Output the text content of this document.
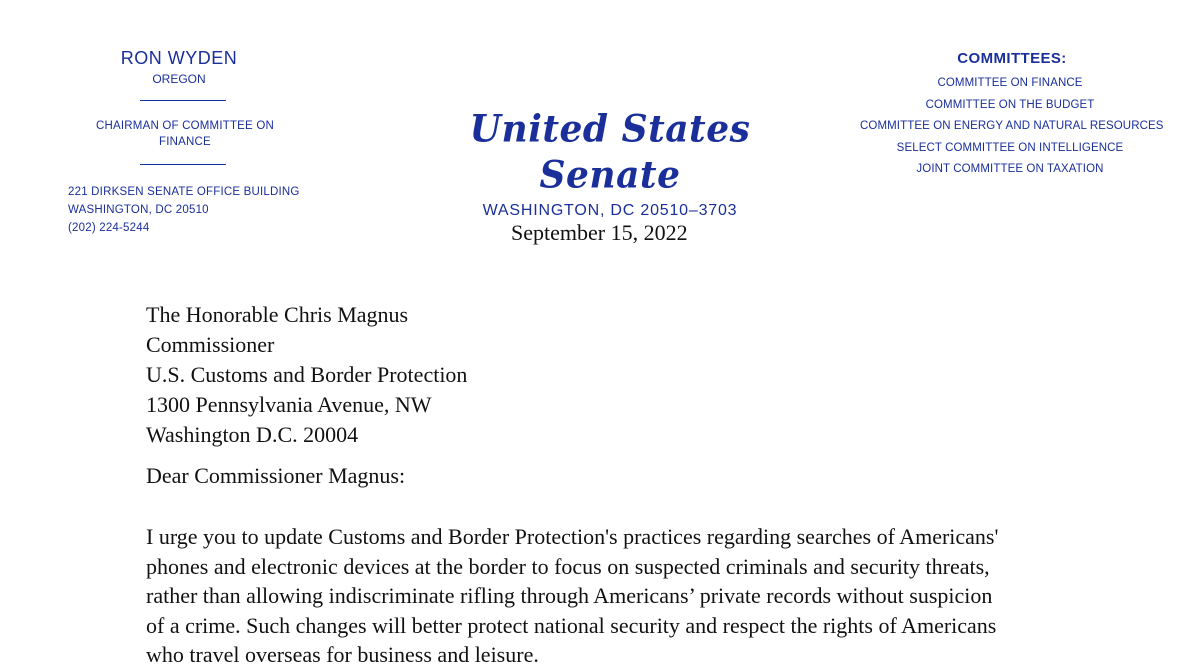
RON WYDEN
OREGON
CHAIRMAN OF COMMITTEE ON
FINANCE
221 DIRKSEN SENATE OFFICE BUILDING
WASHINGTON, DC 20510
(202) 224-5244
United States Senate
WASHINGTON, DC 20510–3703
COMMITTEES:
COMMITTEE ON FINANCE
COMMITTEE ON THE BUDGET
COMMITTEE ON ENERGY AND NATURAL RESOURCES
SELECT COMMITTEE ON INTELLIGENCE
JOINT COMMITTEE ON TAXATION
September 15, 2022
The Honorable Chris Magnus
Commissioner
U.S. Customs and Border Protection
1300 Pennsylvania Avenue, NW
Washington D.C. 20004
Dear Commissioner Magnus:
I urge you to update Customs and Border Protection's practices regarding searches of Americans'
phones and electronic devices at the border to focus on suspected criminals and security threats,
rather than allowing indiscriminate rifling through Americans’ private records without suspicion
of a crime. Such changes will better protect national security and respect the rights of Americans
who travel overseas for business and leisure.
